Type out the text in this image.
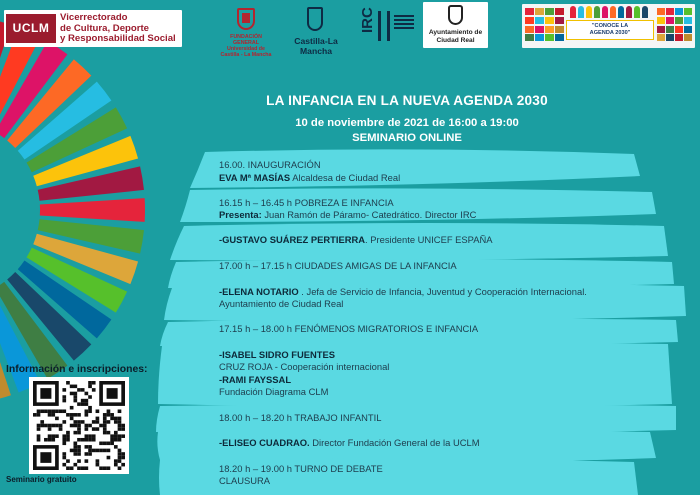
UCLM
Vicerrectorado
de Cultura, Deporte
y Responsabilidad Social	FUNDACIÓN GENERAL
Universidad de Castilla - La Mancha
Castilla-La Mancha
IRC	Ayuntamiento de
Ciudad Real
"CONOCE LA
AGENDA 2030"
LA INFANCIA EN LA NUEVA AGENDA 2030
10 de noviembre de 2021 de 16:00 a 19:00
SEMINARIO ONLINE
16.00. INAUGURACIÓN
EVA Mª MASÍAS Alcaldesa de Ciudad Real
16.15 h – 16.45 h POBREZA E INFANCIA
Presenta: Juan Ramón de Páramo- Catedrático. Director IRC
-GUSTAVO SUÁREZ PERTIERRA. Presidente UNICEF ESPAÑA
17.00 h – 17.15 h CIUDADES AMIGAS DE LA INFANCIA
-ELENA NOTARIO . Jefa de Servicio de Infancia, Juventud y Cooperación Internacional.
Ayuntamiento de Ciudad Real
17.15 h – 18.00 h FENÓMENOS MIGRATORIOS E INFANCIA
-ISABEL SIDRO FUENTES
CRUZ ROJA - Cooperación internacional
-RAMI FAYSSAL
Fundación Diagrama CLM
18.00 h – 18.20 h TRABAJO INFANTIL
-ELISEO CUADRAO. Director Fundación General de la UCLM
18.20 h – 19.00 h TURNO DE DEBATE
CLAUSURA
Información e inscripciones:
Seminario gratuito
